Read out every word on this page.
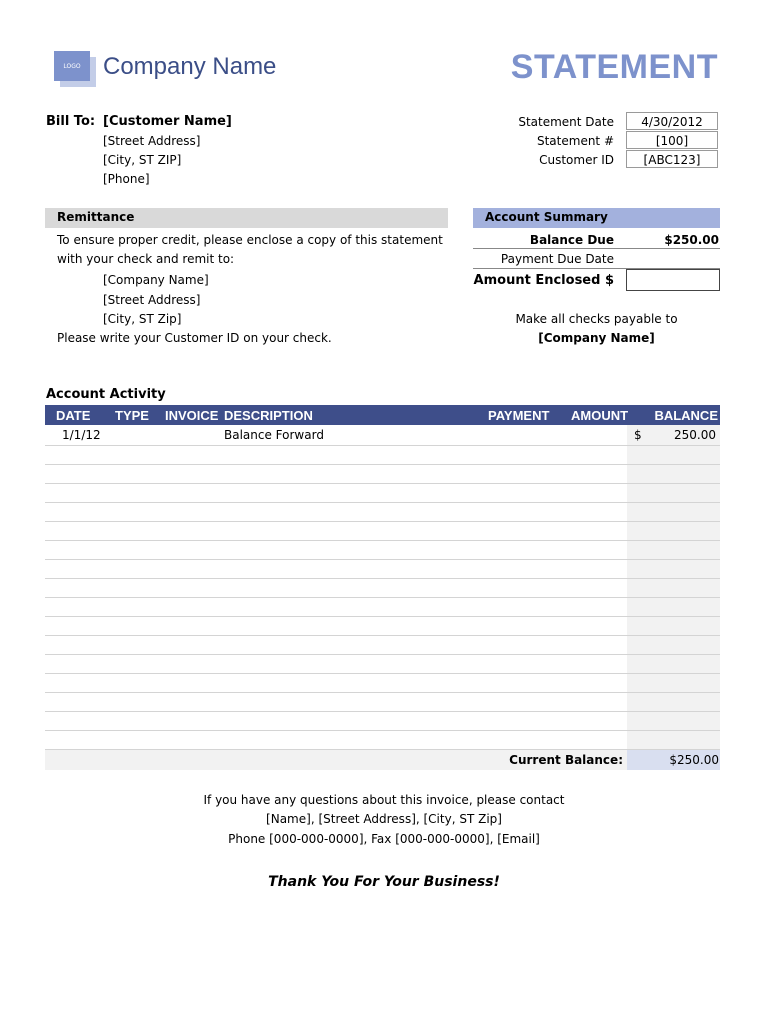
LOGO Company Name	STATEMENT
Bill To: [Customer Name]
[Street Address]
[City, ST ZIP]
[Phone]
Statement Date	4/30/2012
Statement #	[100]
Customer ID	[ABC123]
Remittance
To ensure proper credit, please enclose a copy of this statement
with your check and remit to:
[Company Name]
[Street Address]
[City, ST Zip]
Please write your Customer ID on your check.
Account Summary
Balance Due	$250.00
Payment Due Date
Amount Enclosed $
Make all checks payable to
[Company Name]
Account Activity
DATE TYPE INVOICE DESCRIPTION	PAYMENT AMOUNT BALANCE
1/1/12	Balance Forward	$	250.00
Current Balance:	$250.00
If you have any questions about this invoice, please contact
[Name], [Street Address], [City, ST Zip]
Phone [000-000-0000], Fax [000-000-0000], [Email]
Thank You For Your Business!
